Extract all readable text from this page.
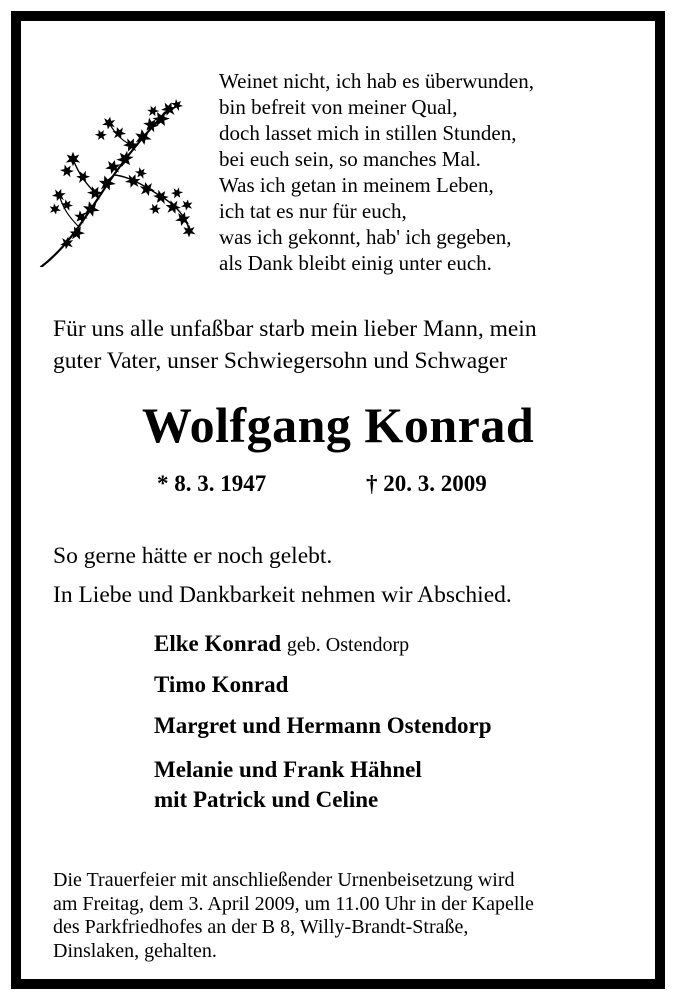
Weinet nicht, ich hab es überwunden,
bin befreit von meiner Qual,
doch lasset mich in stillen Stunden,
bei euch sein, so manches Mal.
Was ich getan in meinem Leben,
ich tat es nur für euch,
was ich gekonnt, hab' ich gegeben,
als Dank bleibt einig unter euch.
Für uns alle unfaßbar starb mein lieber Mann, mein
guter Vater, unser Schwiegersohn und Schwager
Wolfgang Konrad
* 8. 3. 1947	† 20. 3. 2009
So gerne hätte er noch gelebt.
In Liebe und Dankbarkeit nehmen wir Abschied.
Elke Konrad geb. Ostendorp
Timo Konrad
Margret und Hermann Ostendorp
Melanie und Frank Hähnel
mit Patrick und Celine
Die Trauerfeier mit anschließender Urnenbeisetzung wird
am Freitag, dem 3. April 2009, um 11.00 Uhr in der Kapelle
des Parkfriedhofes an der B 8, Willy-Brandt-Straße,
Dinslaken, gehalten.
